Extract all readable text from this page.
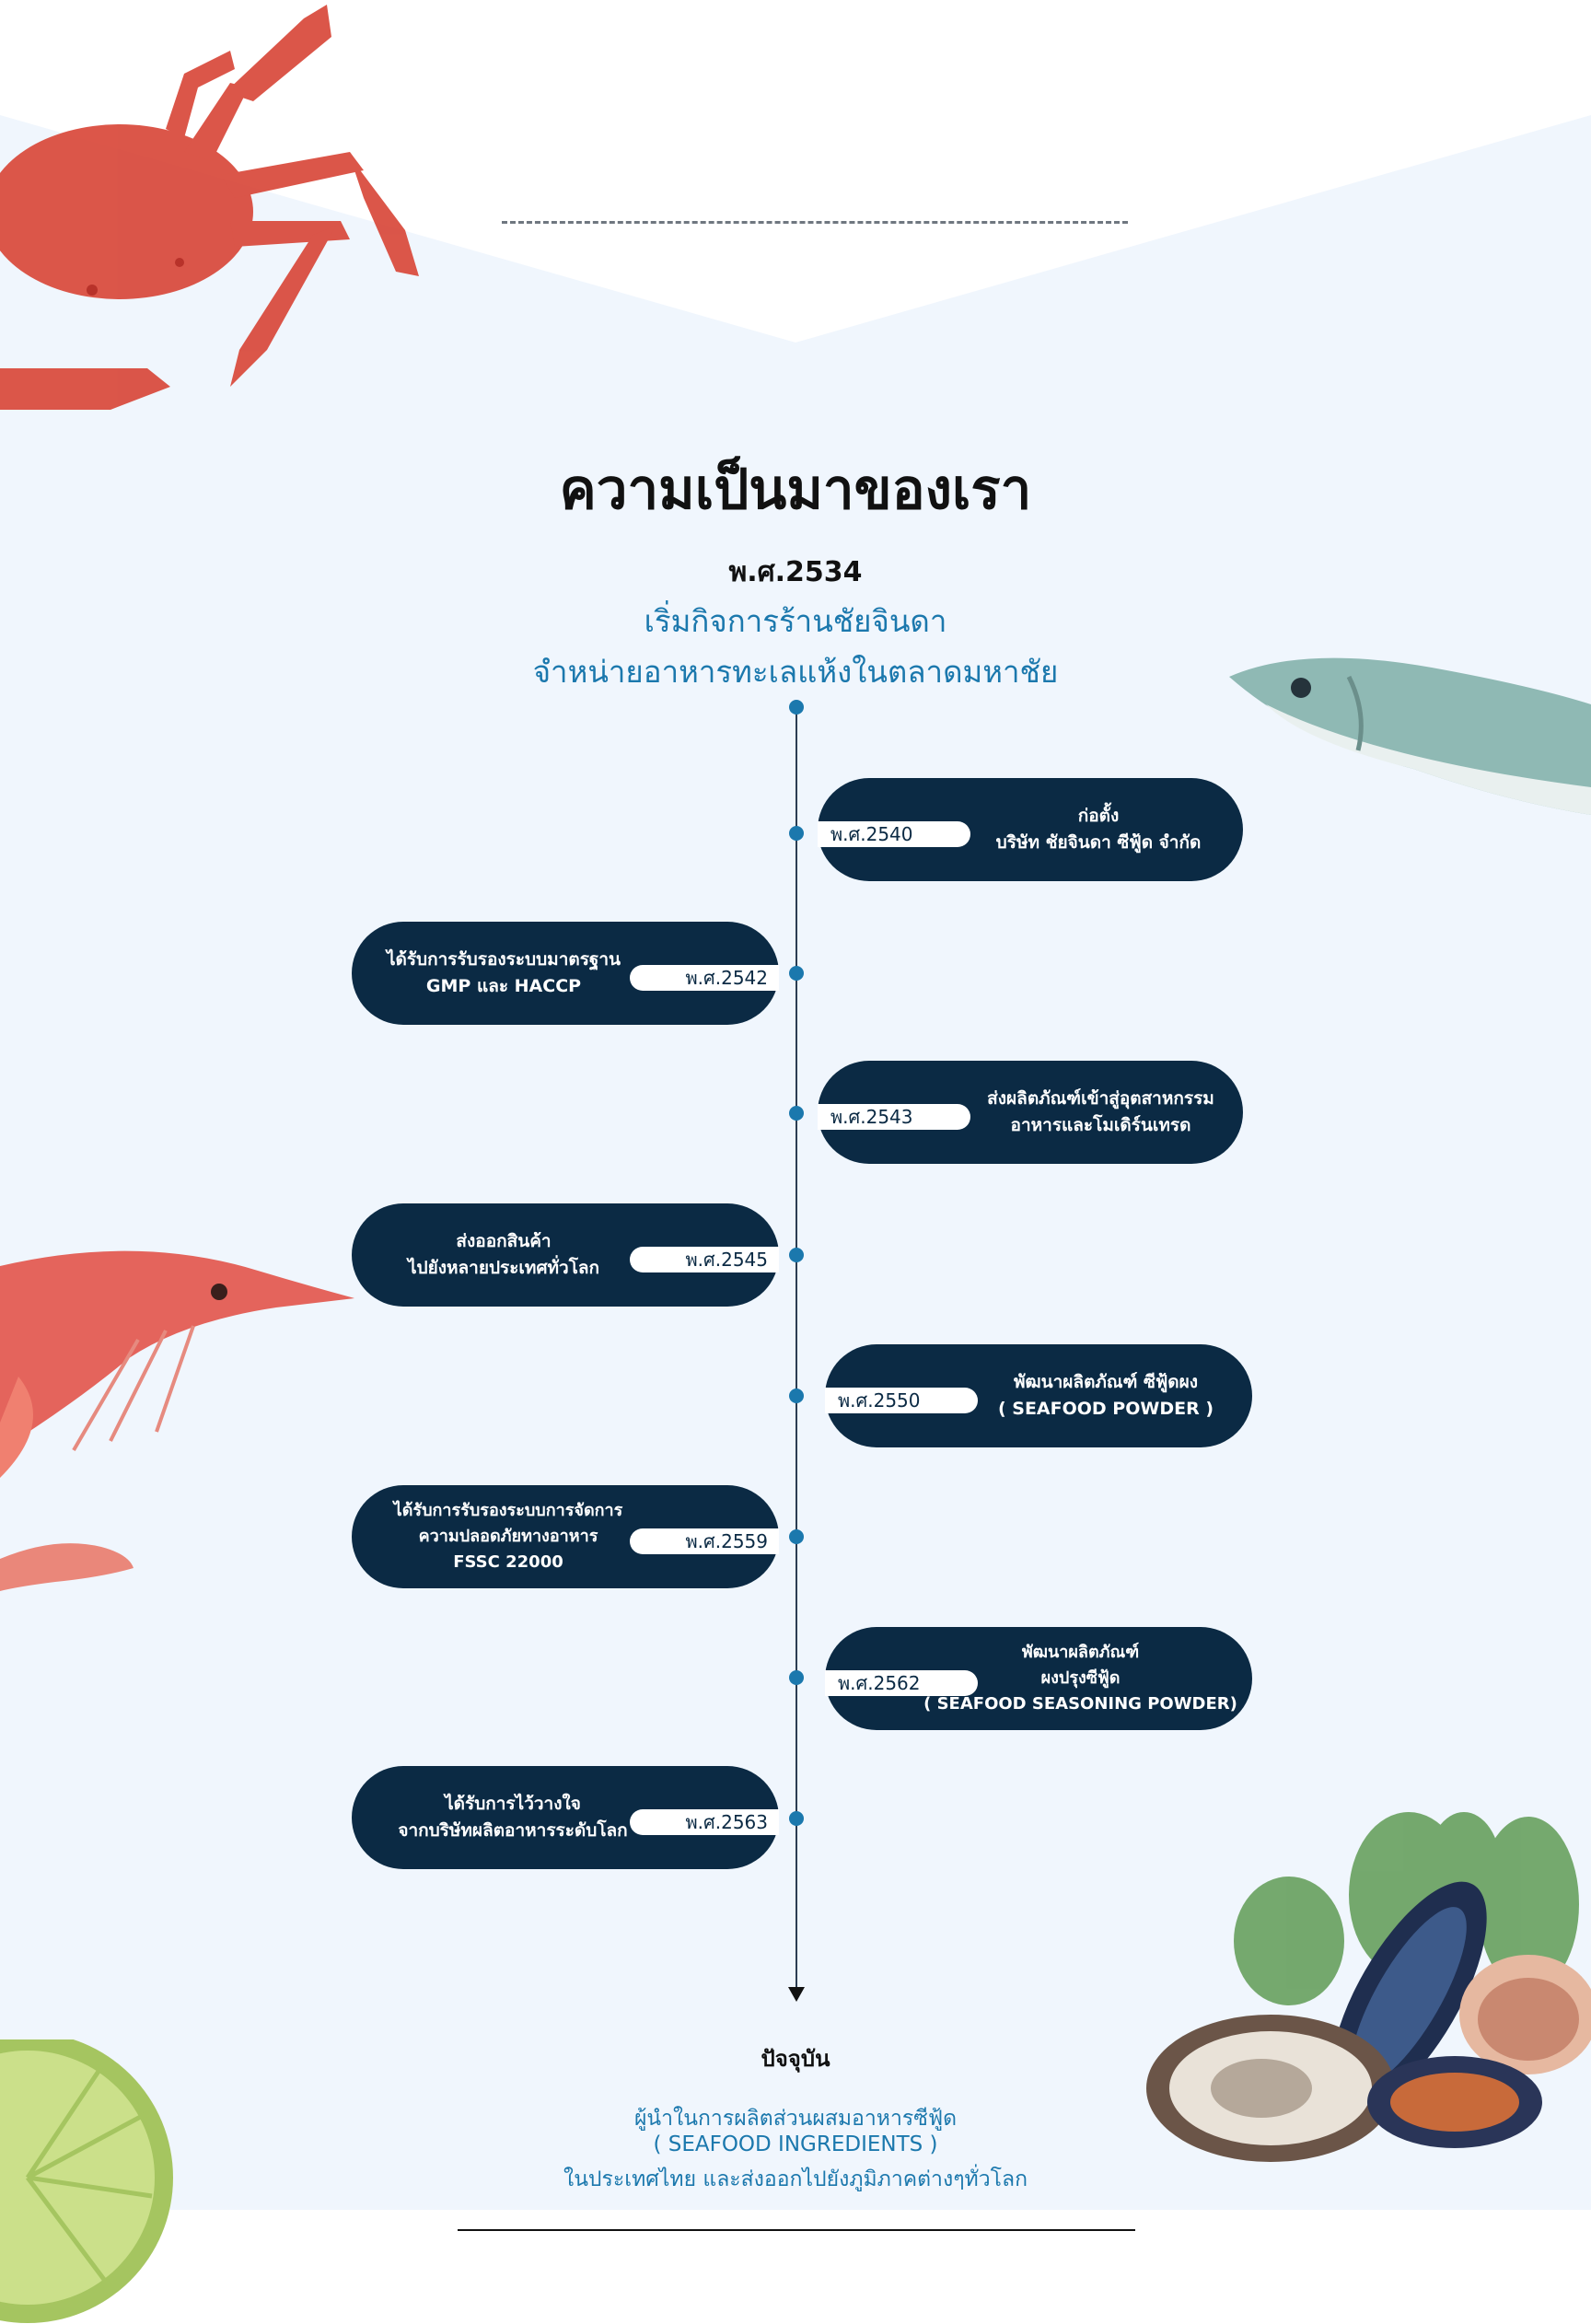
ความเป็นมาของเรา
พ.ศ.2534
เริ่มกิจการร้านชัยจินดา
จำหน่ายอาหารทะเลแห้งในตลาดมหาชัย
พ.ศ.2540
ก่อตั้ง
บริษัท ชัยจินดา ซีฟู้ด จำกัด
พ.ศ.2542
ได้รับการรับรองระบบมาตรฐาน
GMP และ HACCP
พ.ศ.2543
ส่งผลิตภัณฑ์เข้าสู่อุตสาหกรรม
อาหารและโมเดิร์นเทรด
พ.ศ.2545
ส่งออกสินค้า
ไปยังหลายประเทศทั่วโลก
พ.ศ.2550
พัฒนาผลิตภัณฑ์ ซีฟู้ดผง
( SEAFOOD POWDER )
พ.ศ.2559
ได้รับการรับรองระบบการจัดการ
ความปลอดภัยทางอาหาร
FSSC 22000
พ.ศ.2562
พัฒนาผลิตภัณฑ์
ผงปรุงซีฟู้ด
( SEAFOOD SEASONING POWDER)
พ.ศ.2563
ได้รับการไว้วางใจ
จากบริษัทผลิตอาหารระดับโลก
ปัจจุบัน
ผู้นำในการผลิตส่วนผสมอาหารซีฟู้ด
( SEAFOOD INGREDIENTS )
ในประเทศไทย และส่งออกไปยังภูมิภาคต่างๆทั่วโลก
